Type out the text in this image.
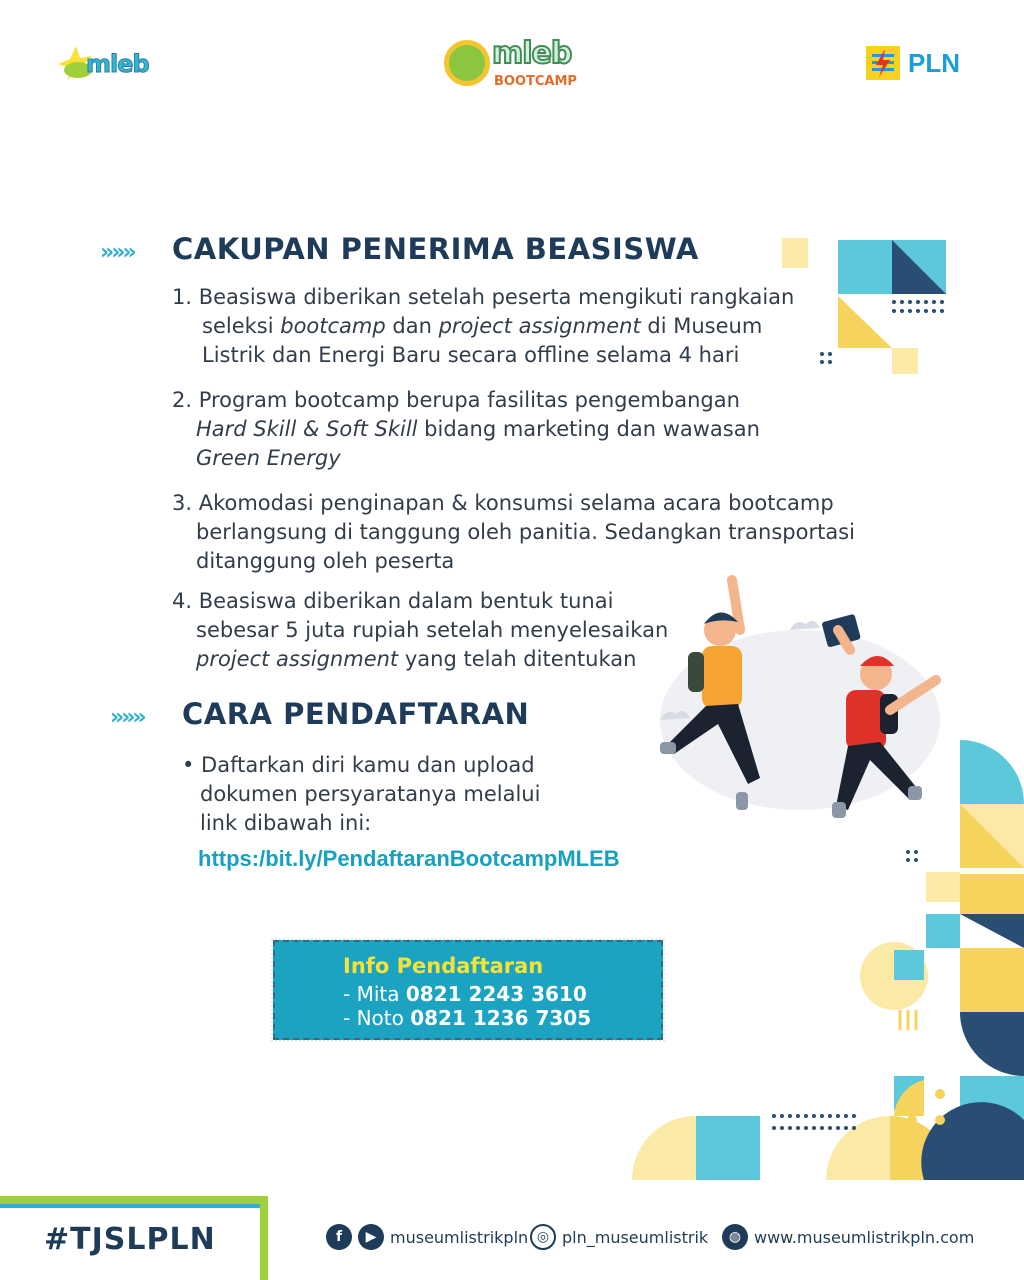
mleb	mleb
BOOTCAMP
PLN
»»» CAKUPAN PENERIMA BEASISWA
1. Beasiswa diberikan setelah peserta mengikuti rangkaian
seleksi bootcamp dan project assignment di Museum
Listrik dan Energi Baru secara offline selama 4 hari
2. Program bootcamp berupa fasilitas pengembangan
Hard Skill & Soft Skill bidang marketing dan wawasan
Green Energy
3. Akomodasi penginapan & konsumsi selama acara bootcamp
berlangsung di tanggung oleh panitia. Sedangkan transportasi
ditanggung oleh peserta
4. Beasiswa diberikan dalam bentuk tunai
sebesar 5 juta rupiah setelah menyelesaikan
project assignment yang telah ditentukan
»»» CARA PENDAFTARAN
• Daftarkan diri kamu dan upload
dokumen persyaratanya melalui
link dibawah ini:
https:/bit.ly/PendaftaranBootcampMLEB
Info Pendaftaran
- Mita 0821 2243 3610
- Noto 0821 1236 7305
#TJSLPLN	f	▶ museumlistrikpln ◎ pln_museumlistrik	◍ www.museumlistrikpln.com
